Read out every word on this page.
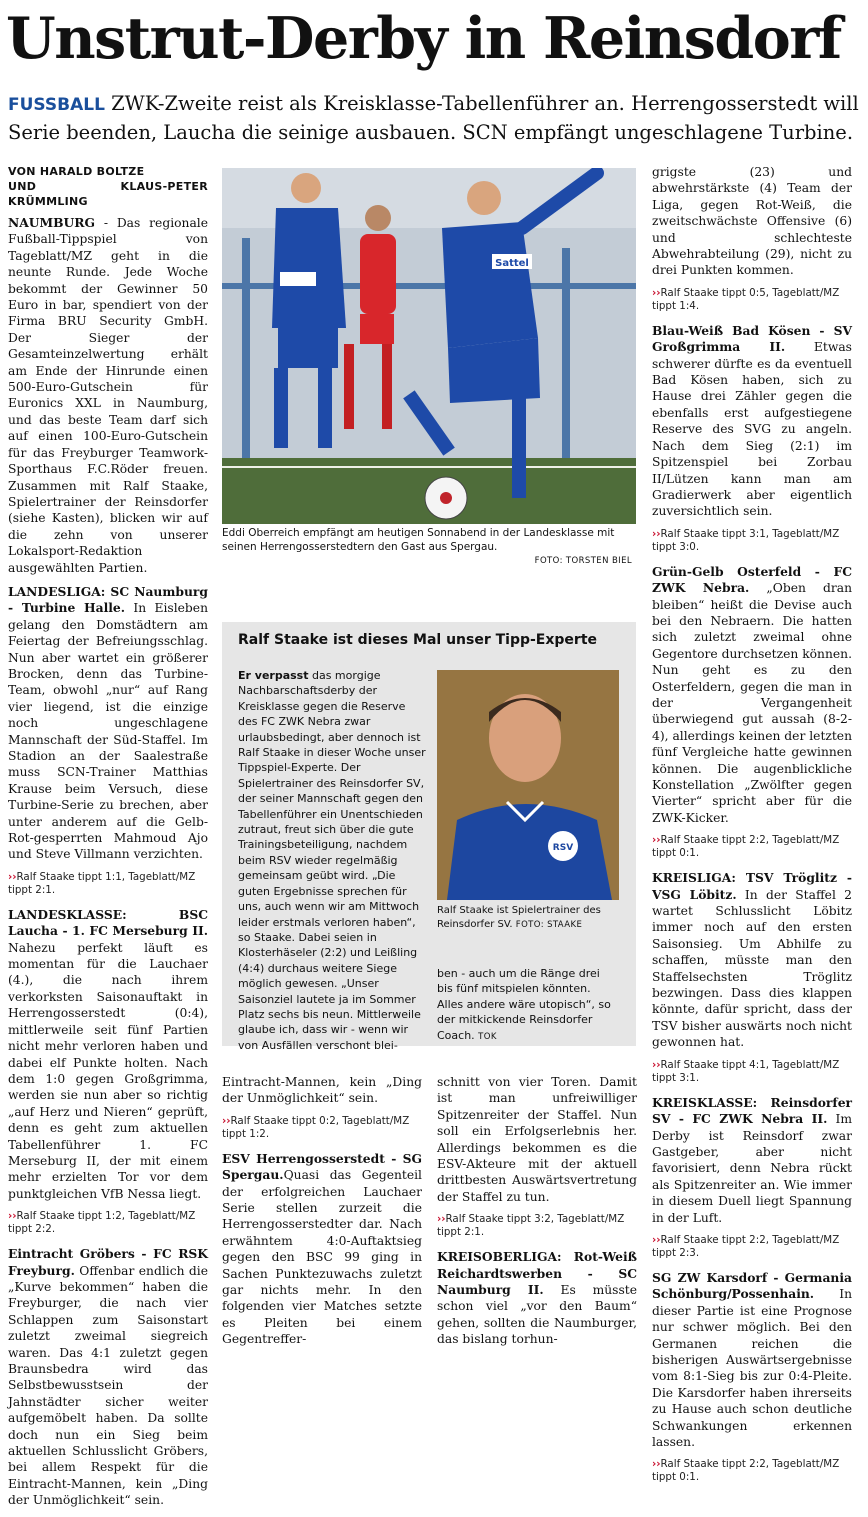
Unstrut-Derby in Reinsdorf

FUSSBALL ZWK-Zweite reist als Kreisklasse-Tabellenführer an. Herrengosserstedt will Serie beenden, Laucha die seinige ausbauen. SCN empfängt ungeschlagene Turbine.

VON HARALD BOLTZE
UND KLAUS-PETER KRÜMMLING

NAUMBURG - Das regionale Fußball-Tippspiel von Tageblatt/MZ geht in die neunte Runde. Jede Woche bekommt der Gewinner 50 Euro in bar, spendiert von der Firma BRU Security GmbH. Der Sieger der Gesamteinzelwertung erhält am Ende der Hinrunde einen 500-Euro-Gutschein für Euronics XXL in Naumburg, und das beste Team darf sich auf einen 100-Euro-Gutschein für das Freyburger Teamwork-Sporthaus F.C.Röder freuen. Zusammen mit Ralf Staake, Spielertrainer der Reinsdorfer (siehe Kasten), blicken wir auf die zehn von unserer Lokalsport-Redaktion ausgewählten Partien.

LANDESLIGA: SC Naumburg - Turbine Halle. In Eisleben gelang den Domstädtern am Feiertag der Befreiungsschlag. Nun aber wartet ein größerer Brocken, denn das Turbine-Team, obwohl „nur“ auf Rang vier liegend, ist die einzige noch ungeschlagene Mannschaft der Süd-Staffel. Im Stadion an der Saalestraße muss SCN-Trainer Matthias Krause beim Versuch, diese Turbine-Serie zu brechen, aber unter anderem auf die Gelb-Rot-gesperrten Mahmoud Ajo und Steve Villmann verzichten.

››Ralf Staake tippt 1:1, Tageblatt/MZ tippt 2:1.

LANDESKLASSE: BSC Laucha - 1. FC Merseburg II. Nahezu perfekt läuft es momentan für die Lauchaer (4.), die nach ihrem verkorksten Saisonauftakt in Herrengosserstedt (0:4), mittlerweile seit fünf Partien nicht mehr verloren haben und dabei elf Punkte holten. Nach dem 1:0 gegen Großgrimma, werden sie nun aber so richtig „auf Herz und Nieren“ geprüft, denn es geht zum aktuellen Tabellenführer 1. FC Merseburg II, der mit einem mehr erzielten Tor vor dem punktgleichen VfB Nessa liegt.

››Ralf Staake tippt 1:2, Tageblatt/MZ tippt 2:2.

Eintracht Gröbers - FC RSK Freyburg. Offenbar endlich die „Kurve bekommen“ haben die Freyburger, die nach vier Schlappen zum Saisonstart zuletzt zweimal siegreich waren. Das 4:1 zuletzt gegen Braunsbedra wird das Selbstbewusstsein der Jahnstädter sicher weiter aufgemöbelt haben. Da sollte doch nun ein Sieg beim aktuellen Schlusslicht Gröbers, bei allem Respekt für die Eintracht-Mannen, kein „Ding der Unmöglichkeit“ sein.

Sattel
Eddi Oberreich empfängt am heutigen Sonnabend in der Landesklasse mit seinen Herrengosserstedtern den Gast aus Spergau.
FOTO: TORSTEN BIEL
Ralf Staake ist dieses Mal unser Tipp-Experte
Er verpasst das morgige Nachbarschaftsderby der Kreisklasse gegen die Reserve des FC ZWK Nebra zwar urlaubsbedingt, aber dennoch ist Ralf Staake in dieser Woche unser Tippspiel-Experte. Der Spielertrainer des Reinsdorfer SV, der seiner Mannschaft gegen den Tabellenführer ein Unentschieden zutraut, freut sich über die gute Trainingsbeteiligung, nachdem beim RSV wieder regelmäßig gemeinsam geübt wird. „Die guten Ergebnisse sprechen für uns, auch wenn wir am Mittwoch leider erstmals verloren haben“, so Staake. Dabei seien in Klosterhäseler (2:2) und Leißling (4:4) durchaus weitere Siege möglich gewesen. „Unser Saisonziel lautete ja im Sommer Platz sechs bis neun. Mittlerweile glaube ich, dass wir - wenn wir von Ausfällen verschont blei-
ben - auch um die Ränge drei bis fünf mitspielen könnten. Alles andere wäre utopisch“, so der mitkickende Reinsdorfer Coach. TOK
RSV
Ralf Staake ist Spielertrainer des Reinsdorfer SV. FOTO: STAAKE

Eintracht-Mannen, kein „Ding der Unmöglichkeit“ sein.

››Ralf Staake tippt 0:2, Tageblatt/MZ tippt 1:2.

ESV Herrengosserstedt - SG Spergau.Quasi das Gegenteil der erfolgreichen Lauchaer Serie stellen zurzeit die Herrengosserstedter dar. Nach erwähntem 4:0-Auftaktsieg gegen den BSC 99 ging in Sachen Punktezuwachs zuletzt gar nichts mehr. In den folgenden vier Matches setzte es Pleiten bei einem Gegentreffer-

schnitt von vier Toren. Damit ist man unfreiwilliger Spitzenreiter der Staffel. Nun soll ein Erfolgserlebnis her. Allerdings bekommen es die ESV-Akteure mit der aktuell drittbesten Auswärtsvertretung der Staffel zu tun.

››Ralf Staake tippt 3:2, Tageblatt/MZ tippt 2:1.

KREISOBERLIGA: Rot-Weiß Reichardtswerben - SC Naumburg II. Es müsste schon viel „vor den Baum“ gehen, sollten die Naumburger, das bislang torhun-

grigste (23) und abwehrstärkste (4) Team der Liga, gegen Rot-Weiß, die zweitschwächste Offensive (6) und schlechteste Abwehrabteilung (29), nicht zu drei Punkten kommen.

››Ralf Staake tippt 0:5, Tageblatt/MZ tippt 1:4.

Blau-Weiß Bad Kösen - SV Großgrimma II. Etwas schwerer dürfte es da eventuell Bad Kösen haben, sich zu Hause drei Zähler gegen die ebenfalls erst aufgestiegene Reserve des SVG zu angeln. Nach dem Sieg (2:1) im Spitzenspiel bei Zorbau II/Lützen kann man am Gradierwerk aber eigentlich zuversichtlich sein.

››Ralf Staake tippt 3:1, Tageblatt/MZ tippt 3:0.

Grün-Gelb Osterfeld - FC ZWK Nebra. „Oben dran bleiben“ heißt die Devise auch bei den Nebraern. Die hatten sich zuletzt zweimal ohne Gegentore durchsetzen können. Nun geht es zu den Osterfeldern, gegen die man in der Vergangenheit überwiegend gut aussah (8-2-4), allerdings keinen der letzten fünf Vergleiche hatte gewinnen können. Die augenblickliche Konstellation „Zwölfter gegen Vierter“ spricht aber für die ZWK-Kicker.

››Ralf Staake tippt 2:2, Tageblatt/MZ tippt 0:1.

KREISLIGA: TSV Tröglitz - VSG Löbitz. In der Staffel 2 wartet Schlusslicht Löbitz immer noch auf den ersten Saisonsieg. Um Abhilfe zu schaffen, müsste man den Staffelsechsten Tröglitz bezwingen. Dass dies klappen könnte, dafür spricht, dass der TSV bisher auswärts noch nicht gewonnen hat.

››Ralf Staake tippt 4:1, Tageblatt/MZ tippt 3:1.

KREISKLASSE: Reinsdorfer SV - FC ZWK Nebra II. Im Derby ist Reinsdorf zwar Gastgeber, aber nicht favorisiert, denn Nebra rückt als Spitzenreiter an. Wie immer in diesem Duell liegt Spannung in der Luft.

››Ralf Staake tippt 2:2, Tageblatt/MZ tippt 2:3.

SG ZW Karsdorf - Germania Schönburg/Possenhain. In dieser Partie ist eine Prognose nur schwer möglich. Bei den Germanen reichen die bisherigen Auswärtsergebnisse vom 8:1-Sieg bis zur 0:4-Pleite. Die Karsdorfer haben ihrerseits zu Hause auch schon deutliche Schwankungen erkennen lassen.

››Ralf Staake tippt 2:2, Tageblatt/MZ tippt 0:1.
